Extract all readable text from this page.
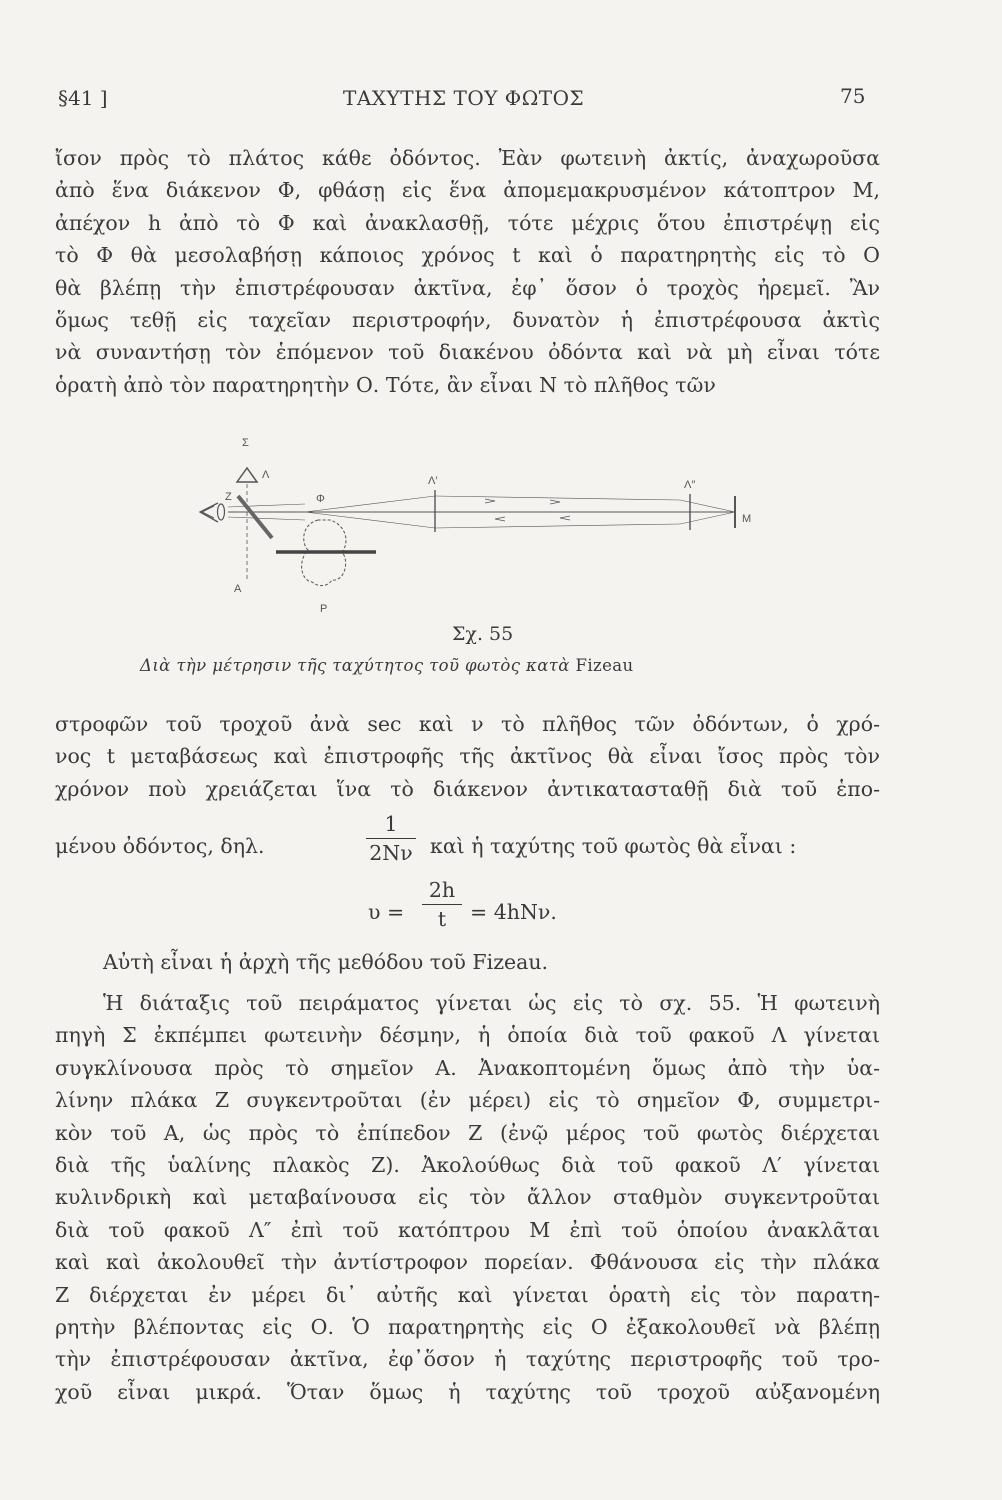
§41 ]	ΤΑΧΥΤΗΣ ΤΟΥ ΦΩΤΟΣ	75
ἴσον πρὸς τὸ πλάτος κάθε ὀδόντος. Ἐὰν φωτεινὴ ἀκτίς, ἀναχωροῦσα
ἀπὸ ἕνα διάκενον Φ, φθάσῃ εἰς ἕνα ἀπομεμακρυσμένον κάτοπτρον Μ,
ἀπέχον h ἀπὸ τὸ Φ καὶ ἀνακλασθῇ, τότε μέχρις ὅτου ἐπιστρέψῃ εἰς
τὸ Φ θὰ μεσολαβήσῃ κάποιος χρόνος t καὶ ὁ παρατηρητὴς εἰς τὸ Ο
θὰ βλέπῃ τὴν ἐπιστρέφουσαν ἀκτῖνα, ἐφ᾽ ὅσον ὁ τροχὸς ἠρεμεῖ. Ἂν
ὅμως τεθῇ εἰς ταχεῖαν περιστροφήν, δυνατὸν ἡ ἐπιστρέφουσα ἀκτὶς
νὰ συναντήσῃ τὸν ἑπόμενον τοῦ διακένου ὀδόντα καὶ νὰ μὴ εἶναι τότε
ὁρατὴ ἀπὸ τὸν παρατηρητὴν Ο. Τότε, ἂν εἶναι Ν τὸ πλῆθος τῶν
Σ
Λ
Ζ	Φ
Λ′	Λ″
Μ
Α
Ρ
Σχ. 55
Διὰ τὴν μέτρησιν τῆς ταχύτητος τοῦ φωτὸς κατὰ Fizeau
στροφῶν τοῦ τροχοῦ ἀνὰ sec καὶ ν τὸ πλῆθος τῶν ὀδόντων, ὁ χρό-
νος t μεταβάσεως καὶ ἐπιστροφῆς τῆς ἀκτῖνος θὰ εἶναι ἴσος πρὸς τὸν
χρόνον ποὺ χρειάζεται ἵνα τὸ διάκενον ἀντικατασταθῇ διὰ τοῦ ἑπο-
μένου ὀδόντος, δηλ.	$\frac{1}{2N\nu}$ καὶ ἡ ταχύτης τοῦ φωτὸς θὰ εἶναι :
$\upsilon = \frac{2h}{t} = 4hN\nu$.
Αὐτὴ εἶναι ἡ ἀρχὴ τῆς μεθόδου τοῦ Fizeau.
Ἡ διάταξις τοῦ πειράματος γίνεται ὡς εἰς τὸ σχ. 55. Ἡ φωτεινὴ
πηγὴ Σ ἐκπέμπει φωτεινὴν δέσμην, ἡ ὁποία διὰ τοῦ φακοῦ Λ γίνεται
συγκλίνουσα πρὸς τὸ σημεῖον Α. Ἀνακοπτομένη ὅμως ἀπὸ τὴν ὑα-
λίνην πλάκα Ζ συγκεντροῦται (ἐν μέρει) εἰς τὸ σημεῖον Φ, συμμετρι-
κὸν τοῦ Α, ὡς πρὸς τὸ ἐπίπεδον Ζ (ἐνῷ μέρος τοῦ φωτὸς διέρχεται
διὰ τῆς ὑαλίνης πλακὸς Ζ). Ἀκολούθως διὰ τοῦ φακοῦ Λ′ γίνεται
κυλινδρικὴ καὶ μεταβαίνουσα εἰς τὸν ἄλλον σταθμὸν συγκεντροῦται
διὰ τοῦ φακοῦ Λ″ ἐπὶ τοῦ κατόπτρου Μ ἐπὶ τοῦ ὁποίου ἀνακλᾶται
καὶ καὶ ἀκολουθεῖ τὴν ἀντίστροφον πορείαν. Φθάνουσα εἰς τὴν πλάκα
Ζ διέρχεται ἐν μέρει δι᾽ αὐτῆς καὶ γίνεται ὁρατὴ εἰς τὸν παρατη-
ρητὴν βλέποντας εἰς Ο. Ὁ παρατηρητὴς εἰς Ο ἐξακολουθεῖ νὰ βλέπῃ
τὴν ἐπιστρέφουσαν ἀκτῖνα, ἐφ᾽ὅσον ἡ ταχύτης περιστροφῆς τοῦ τρο-
χοῦ εἶναι μικρά. Ὅταν ὅμως ἡ ταχύτης τοῦ τροχοῦ αὐξανομένη
